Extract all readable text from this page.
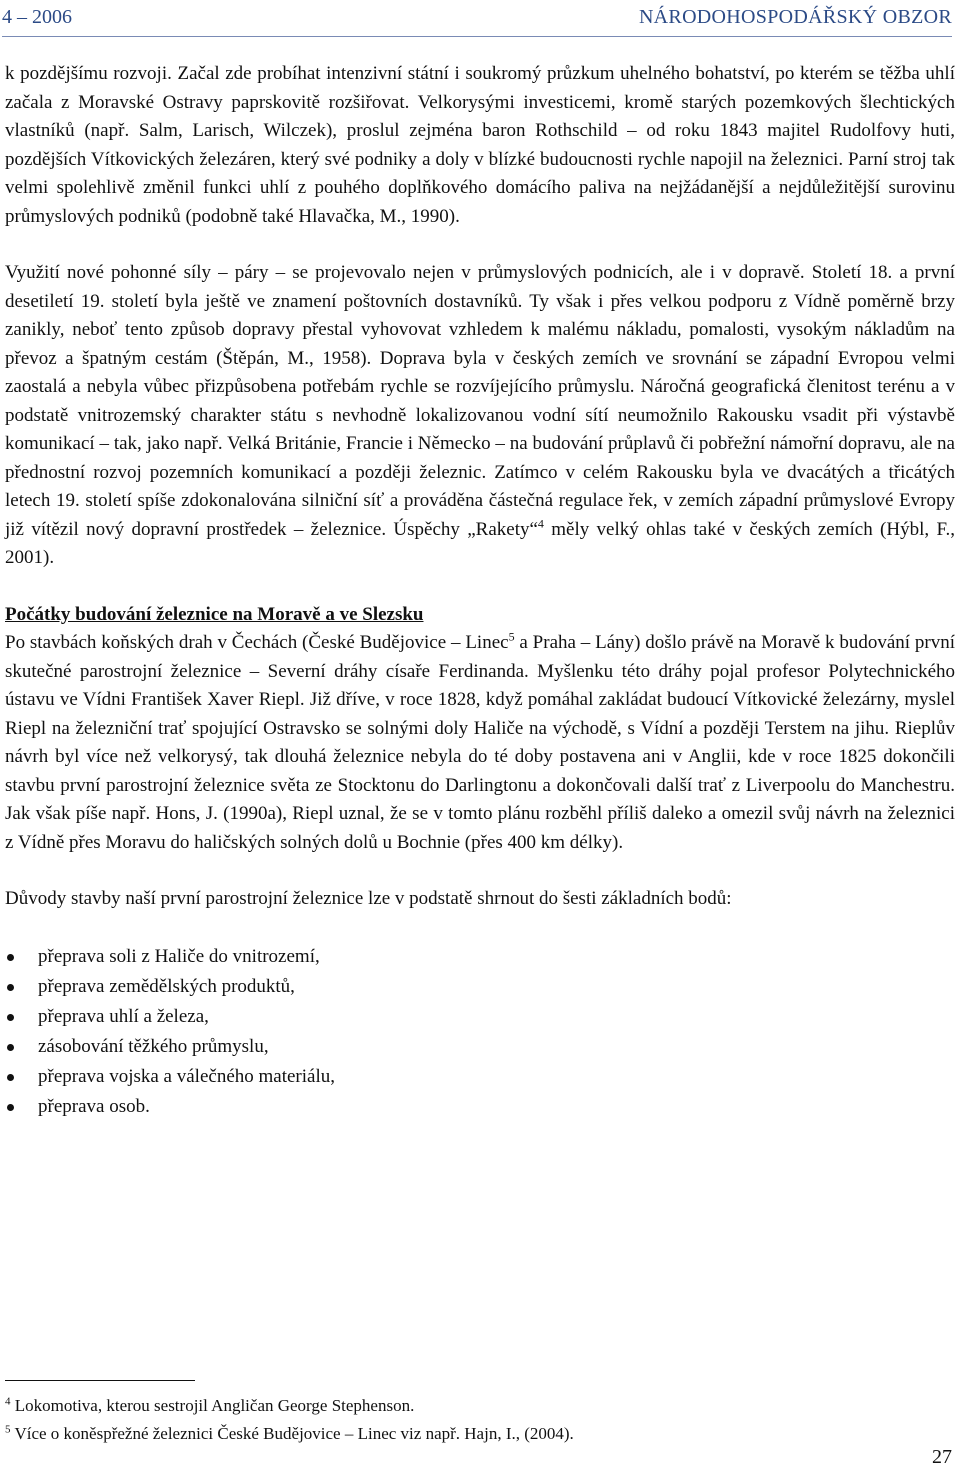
4 – 2006	NÁRODOHOSPODÁŘSKÝ OBZOR

k pozdějšímu rozvoji. Začal zde probíhat intenzivní státní i soukromý průzkum uhelného bohatství, po kterém se těžba uhlí začala z Moravské Ostravy paprskovitě rozšiřovat. Velkorysými investicemi, kromě starých pozemkových šlechtických vlastníků (např. Salm, Larisch, Wilczek), proslul zejména baron Rothschild – od roku 1843 majitel Rudolfovy huti, pozdějších Vítkovických železáren, který své podniky a doly v blízké budoucnosti rychle napojil na železnici. Parní stroj tak velmi spolehlivě změnil funkci uhlí z pouhého doplňkového domácího paliva na nejžádanější a nejdůležitější surovinu průmyslových podniků (podobně také Hlavačka, M., 1990).

Využití nové pohonné síly – páry – se projevovalo nejen v průmyslových podnicích, ale i v dopravě. Století 18. a první desetiletí 19. století byla ještě ve znamení poštovních dostavníků. Ty však i přes velkou podporu z Vídně poměrně brzy zanikly, neboť tento způsob dopravy přestal vyhovovat vzhledem k malému nákladu, pomalosti, vysokým nákladům na převoz a špatným cestám (Štěpán, M., 1958). Doprava byla v českých zemích ve srovnání se západní Evropou velmi zaostalá a nebyla vůbec přizpůsobena potřebám rychle se rozvíjejícího průmyslu. Náročná geografická členitost terénu a v podstatě vnitrozemský charakter státu s nevhodně lokalizovanou vodní sítí neumožnilo Rakousku vsadit při výstavbě komunikací – tak, jako např. Velká Británie, Francie i Německo – na budování průplavů či pobřežní námořní dopravu, ale na přednostní rozvoj pozemních komunikací a později železnic. Zatímco v celém Rakousku byla ve dvacátých a třicátých letech 19. století spíše zdokonalována silniční síť a prováděna částečná regulace řek, v zemích západní průmyslové Evropy již vítězil nový dopravní prostředek – železnice. Úspěchy „Rakety“$^4$ měly velký ohlas také v českých zemích (Hýbl, F., 2001).

Počátky budování železnice na Moravě a ve Slezsku

Po stavbách koňských drah v Čechách (České Budějovice – Linec$^5$ a Praha – Lány) došlo právě na Moravě k budování první skutečné parostrojní železnice – Severní dráhy císaře Ferdinanda. Myšlenku této dráhy pojal profesor Polytechnického ústavu ve Vídni František Xaver Riepl. Již dříve, v roce 1828, když pomáhal zakládat budoucí Vítkovické železárny, myslel Riepl na železniční trať spojující Ostravsko se solnými doly Haliče na východě, s Vídní a později Terstem na jihu. Rieplův návrh byl více než velkorysý, tak dlouhá železnice nebyla do té doby postavena ani v Anglii, kde v roce 1825 dokončili stavbu první parostrojní železnice světa ze Stocktonu do Darlingtonu a dokončovali další trať z Liverpoolu do Manchestru. Jak však píše např. Hons, J. (1990a), Riepl uznal, že se v tomto plánu rozběhl příliš daleko a omezil svůj návrh na železnici z Vídně přes Moravu do haličských solných dolů u Bochnie (přes 400 km délky).

Důvody stavby naší první parostrojní železnice lze v podstatě shrnout do šesti základních bodů:

přeprava soli z Haliče do vnitrozemí,
přeprava zemědělských produktů,
přeprava uhlí a železa,
zásobování těžkého průmyslu,
přeprava vojska a válečného materiálu,
přeprava osob.
$^4$ Lokomotiva, kterou sestrojil Angličan George Stephenson.
$^5$ Více o koněspřežné železnici České Budějovice – Linec viz např. Hajn, I., (2004).
27
